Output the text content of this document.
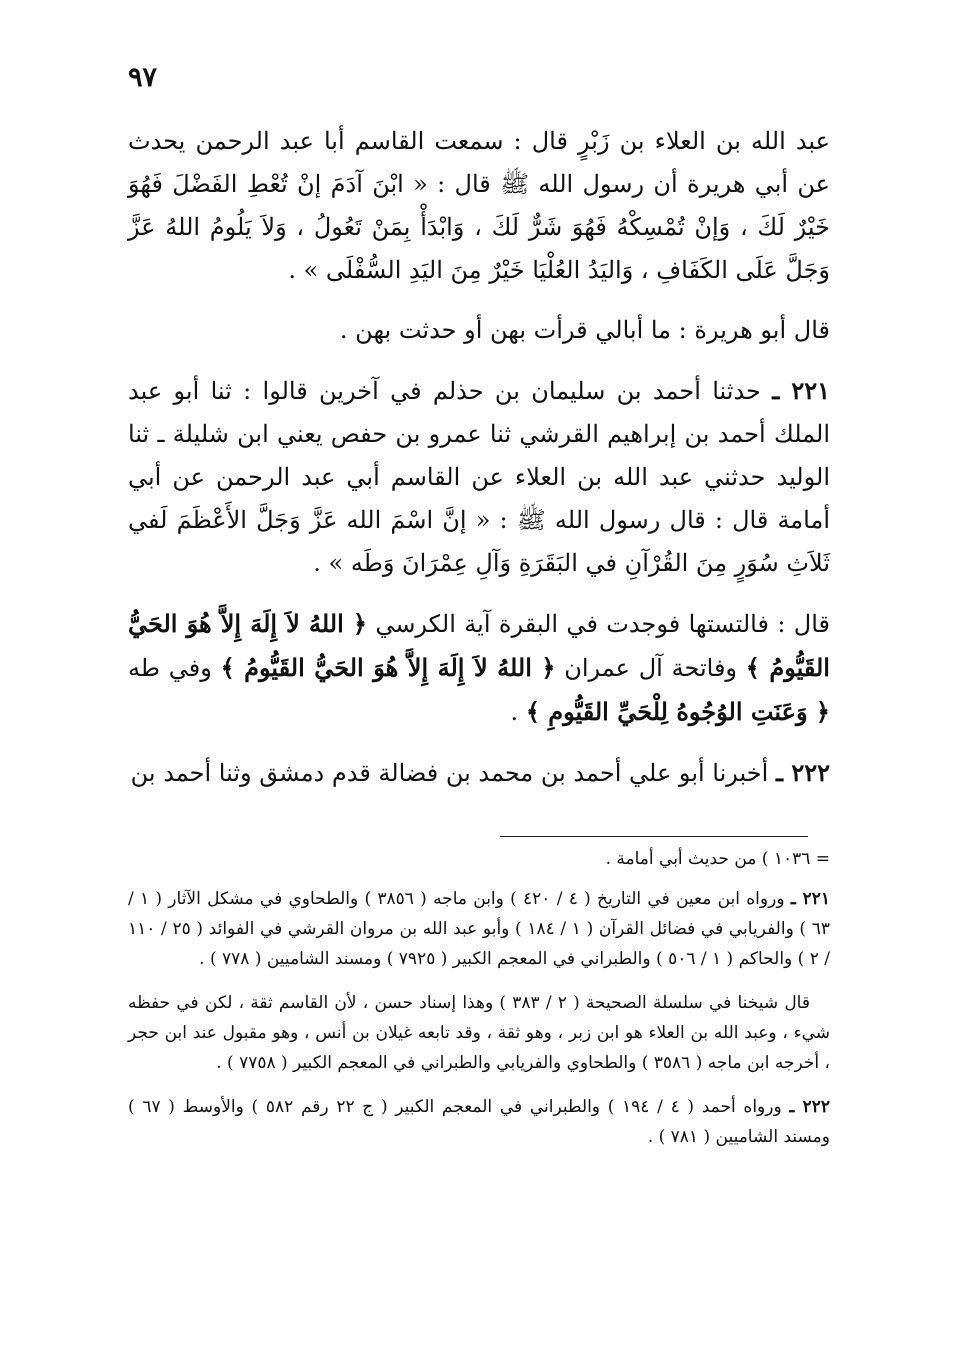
٩٧

عبد الله بن العلاء بن زَبْرٍ قال : سمعت القاسم أبا عبد الرحمن يحدث عن أبي هريرة أن رسول الله ﷺ قال : « ابْنَ آدَمَ إنْ تُعْطِ الفَضْلَ فَهُوَ خَيْرٌ لَكَ ، وَإنْ تُمْسِكْهُ فَهُوَ شَرٌّ لَكَ ، وَابْدَأْ بِمَنْ تَعُولُ ، وَلاَ يَلُومُ اللهُ عَزَّ وَجَلَّ عَلَى الكَفَافِ ، وَاليَدُ العُلْيَا خَيْرٌ مِنَ اليَدِ السُّفْلَى » .

قال أبو هريرة : ما أبالي قرأت بهن أو حدثت بهن .

٢٢١ ـ حدثنا أحمد بن سليمان بن حذلم في آخرين قالوا : ثنا أبو عبد الملك أحمد بن إبراهيم القرشي ثنا عمرو بن حفص يعني ابن شليلة ـ ثنا الوليد حدثني عبد الله بن العلاء عن القاسم أبي عبد الرحمن عن أبي أمامة قال : قال رسول الله ﷺ : « إنَّ اسْمَ الله عَزَّ وَجَلَّ الأَعْظَمَ لَفي ثَلاَثِ سُوَرٍ مِنَ القُرْآنِ في البَقَرَةِ وَآلِ عِمْرَانَ وَطَه » .

قال : فالتستها فوجدت في البقرة آية الكرسي ﴿ اللهُ لاَ إِلَهَ إِلاَّ هُوَ الحَيُّ القَيُّومُ ﴾ وفاتحة آل عمران ﴿ اللهُ لاَ إِلَهَ إِلاَّ هُوَ الحَيُّ القَيُّومُ ﴾ وفي طه ﴿ وَعَنَتِ الوُجُوهُ لِلْحَيِّ القَيُّومِ ﴾ .

٢٢٢ ـ أخبرنا أبو علي أحمد بن محمد بن فضالة قدم دمشق وثنا أحمد بن

= ١٠٣٦ ) من حديث أبي أمامة .

٢٢١ ـ ورواه ابن معين في التاريخ ( ٤ / ٤٢٠ ) وابن ماجه ( ٣٨٥٦ ) والطحاوي في مشكل الآثار ( ١ / ٦٣ ) والفريابي في فضائل القرآن ( ١ / ١٨٤ ) وأبو عبد الله بن مروان القرشي في الفوائد ( ٢٥ / ١١٠ / ٢ ) والحاكم ( ١ / ٥٠٦ ) والطبراني في المعجم الكبير ( ٧٩٢٥ ) ومسند الشاميين ( ٧٧٨ ) .

قال شيخنا في سلسلة الصحيحة ( ٢ / ٣٨٣ ) وهذا إسناد حسن ، لأن القاسم ثقة ، لكن في حفظه شيء ، وعبد الله بن العلاء هو ابن زبر ، وهو ثقة ، وقد تابعه غيلان بن أنس ، وهو مقبول عند ابن حجر ، أخرجه ابن ماجه ( ٣٥٨٦ ) والطحاوي والفريابي والطبراني في المعجم الكبير ( ٧٧٥٨ ) .

٢٢٢ ـ ورواه أحمد ( ٤ / ١٩٤ ) والطبراني في المعجم الكبير ( ج ٢٢ رقم ٥٨٢ ) والأوسط ( ٦٧ ) ومسند الشاميين ( ٧٨١ ) .
